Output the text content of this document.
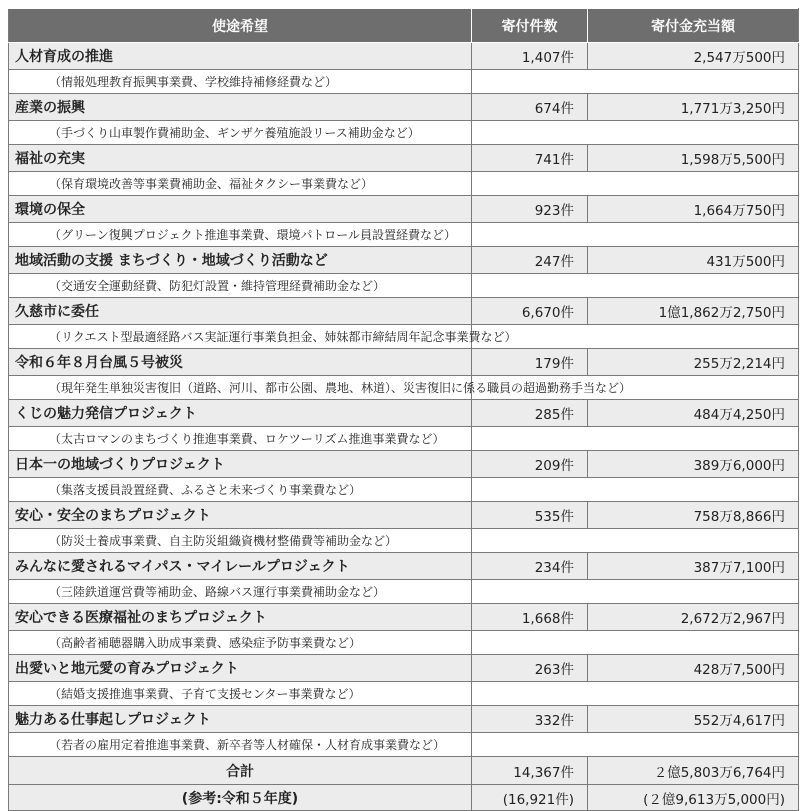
使途希望	寄付件数	寄付金充当額
人材育成の推進	1,407件	2,547万500円
（情報処理教育振興事業費、学校維持補修経費など）		
産業の振興	674件	1,771万3,250円
（手づくり山車製作費補助金、ギンザケ養殖施設リース補助金など）		
福祉の充実	741件	1,598万5,500円
（保育環境改善等事業費補助金、福祉タクシー事業費など）		
環境の保全	923件	1,664万750円
（グリーン復興プロジェクト推進事業費、環境パトロール員設置経費など）		
地域活動の支援 まちづくり・地域づくり活動など	247件	431万500円
（交通安全運動経費、防犯灯設置・維持管理経費補助金など）		
久慈市に委任	6,670件	1億1,862万2,750円
（リクエスト型最適経路バス実証運行事業負担金、姉妹都市締結周年記念事業費など）		
令和６年８月台風５号被災	179件	255万2,214円
（現年発生単独災害復旧（道路、河川、都市公園、農地、林道）、災害復旧に係る職員の超過勤務手当など）		
くじの魅力発信プロジェクト	285件	484万4,250円
（太古ロマンのまちづくり推進事業費、ロケツーリズム推進事業費など）		
日本一の地域づくりプロジェクト	209件	389万6,000円
（集落支援員設置経費、ふるさと未来づくり事業費など）		
安心・安全のまちプロジェクト	535件	758万8,866円
（防災士養成事業費、自主防災組織資機材整備費等補助金など）		
みんなに愛されるマイパス・マイレールプロジェクト	234件	387万7,100円
（三陸鉄道運営費等補助金、路線バス運行事業費補助金など）		
安心できる医療福祉のまちプロジェクト	1,668件	2,672万2,967円
（高齢者補聴器購入助成事業費、感染症予防事業費など）		
出愛いと地元愛の育みプロジェクト	263件	428万7,500円
（結婚支援推進事業費、子育て支援センター事業費など）		
魅力ある仕事起しプロジェクト	332件	552万4,617円
（若者の雇用定着推進事業費、新卒者等人材確保・人材育成事業費など）		
合計	14,367件	２億5,803万6,764円
(参考:令和５年度)	(16,921件)	(２億9,613万5,000円)
